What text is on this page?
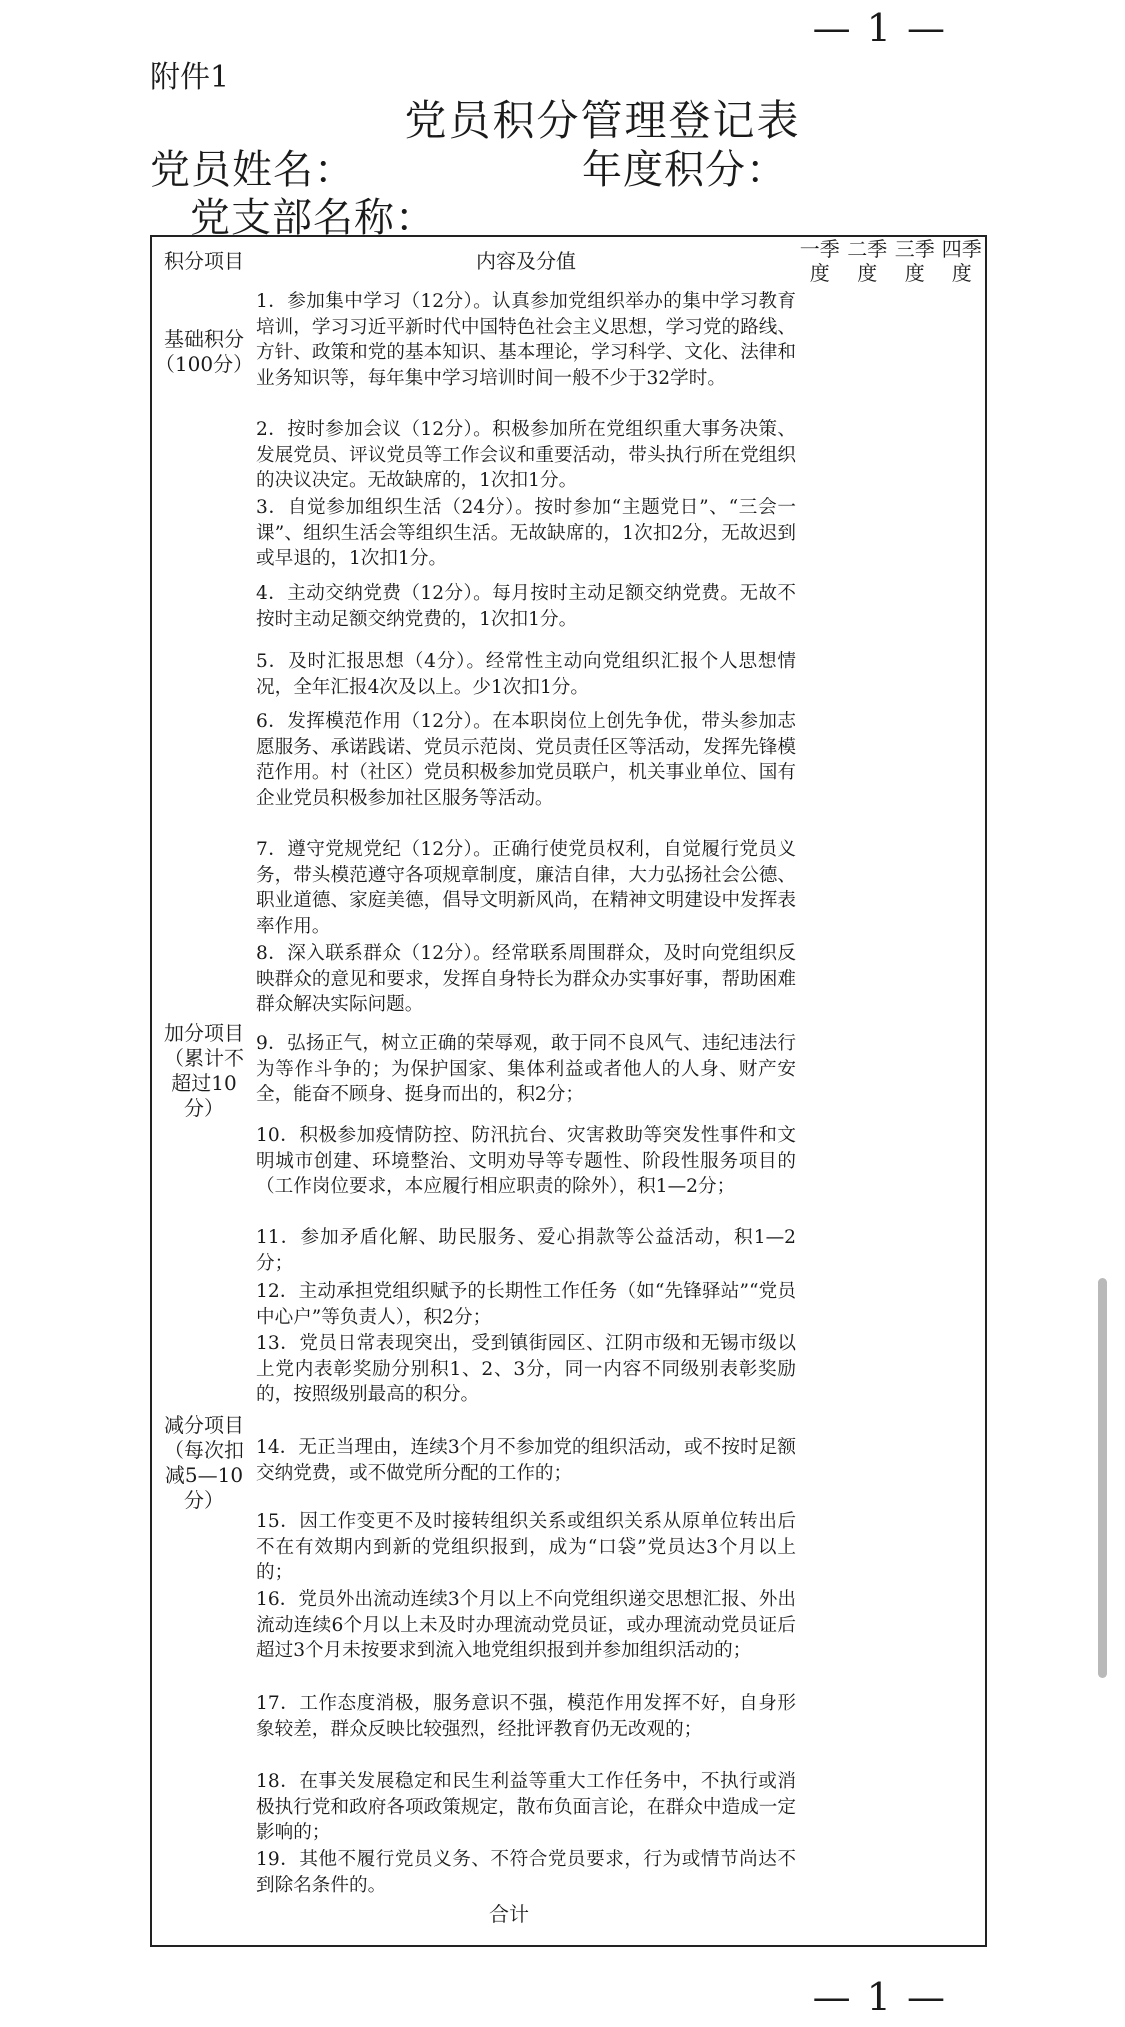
— 1 —
附件1
党员积分管理登记表
党员姓名：	年度积分：
党支部名称：
积分项目	内容及分值	一季度	二季度	三季度	四季度
基础积分（100分）	1．参加集中学习（12分）。认真参加党组织举办的集中学习教育培训，学习习近平新时代中国特色社会主义思想，学习党的路线、方针、政策和党的基本知识、基本理论，学习科学、文化、法律和业务知识等，每年集中学习培训时间一般不少于32学时。				
	2．按时参加会议（12分）。积极参加所在党组织重大事务决策、发展党员、评议党员等工作会议和重要活动，带头执行所在党组织的决议决定。无故缺席的，1次扣1分。				
	3．自觉参加组织生活（24分）。按时参加“主题党日”、“三会一课”、组织生活会等组织生活。无故缺席的，1次扣2分，无故迟到或早退的，1次扣1分。				
	4．主动交纳党费（12分）。每月按时主动足额交纳党费。无故不按时主动足额交纳党费的，1次扣1分。				
	5．及时汇报思想（4分）。经常性主动向党组织汇报个人思想情况，全年汇报4次及以上。少1次扣1分。				
	6．发挥模范作用（12分）。在本职岗位上创先争优，带头参加志愿服务、承诺践诺、党员示范岗、党员责任区等活动，发挥先锋模范作用。村（社区）党员积极参加党员联户，机关事业单位、国有企业党员积极参加社区服务等活动。				
	7．遵守党规党纪（12分）。正确行使党员权利，自觉履行党员义务，带头模范遵守各项规章制度，廉洁自律，大力弘扬社会公德、职业道德、家庭美德，倡导文明新风尚，在精神文明建设中发挥表率作用。				
	8．深入联系群众（12分）。经常联系周围群众，及时向党组织反映群众的意见和要求，发挥自身特长为群众办实事好事，帮助困难群众解决实际问题。				

加分项目（累计不超过10分）	9．弘扬正气，树立正确的荣辱观，敢于同不良风气、违纪违法行为等作斗争的；为保护国家、集体利益或者他人的人身、财产安全，能奋不顾身、挺身而出的，积2分；				
	10．积极参加疫情防控、防汛抗台、灾害救助等突发性事件和文明城市创建、环境整治、文明劝导等专题性、阶段性服务项目的（工作岗位要求，本应履行相应职责的除外），积1—2分；				
	11．参加矛盾化解、助民服务、爱心捐款等公益活动，积1—2分；				
	12．主动承担党组织赋予的长期性工作任务（如“先锋驿站”“党员中心户”等负责人），积2分；				
	13．党员日常表现突出，受到镇街园区、江阴市级和无锡市级以上党内表彰奖励分别积1、2、3分，同一内容不同级别表彰奖励的，按照级别最高的积分。				

减分项目（每次扣减5—10分）	14．无正当理由，连续3个月不参加党的组织活动，或不按时足额交纳党费，或不做党所分配的工作的；				
	15．因工作变更不及时接转组织关系或组织关系从原单位转出后不在有效期内到新的党组织报到，成为“口袋”党员达3个月以上的；				
	16．党员外出流动连续3个月以上不向党组织递交思想汇报、外出流动连续6个月以上未及时办理流动党员证，或办理流动党员证后超过3个月未按要求到流入地党组织报到并参加组织活动的；				
	17．工作态度消极，服务意识不强，模范作用发挥不好，自身形象较差，群众反映比较强烈，经批评教育仍无改观的；				
	18．在事关发展稳定和民生利益等重大工作任务中，不执行或消极执行党和政府各项政策规定，散布负面言论，在群众中造成一定影响的；				
	19．其他不履行党员义务、不符合党员要求，行为或情节尚达不到除名条件的。				
合计					

— 1 —
